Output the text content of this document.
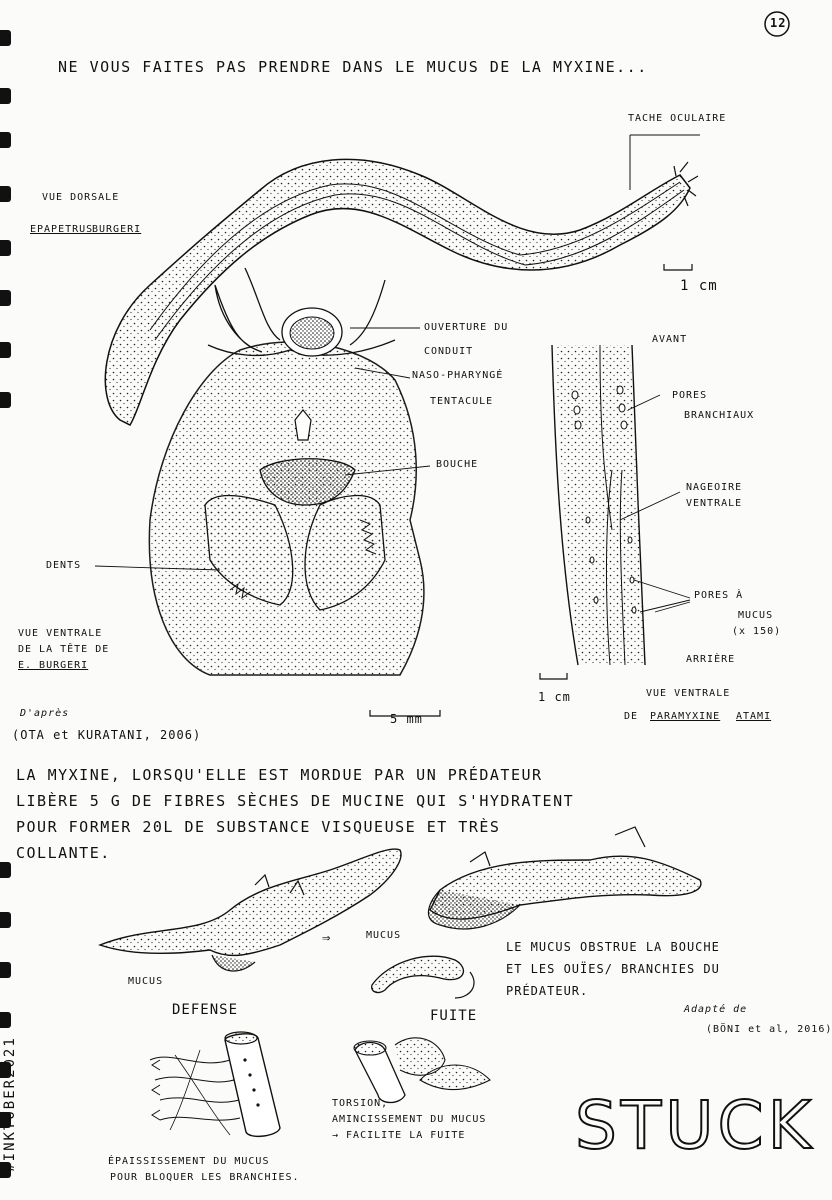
STUCK
12
NE VOUS FAITES PAS PRENDRE DANS LE MUCUS DE LA MYXINE...
VUE DORSALE
EPAPETRUS
BURGERI
TACHE OCULAIRE
1 cm
OUVERTURE DU
CONDUIT
NASO-PHARYNGÉ
TENTACULE
BOUCHE
DENTS
VUE VENTRALE
DE LA TÊTE DE
E. BURGERI
5 mm
AVANT
PORES
BRANCHIAUX
NAGEOIRE
VENTRALE
PORES À
MUCUS
(x 150)
ARRIÈRE
1 cm	VUE VENTRALE
DE PARAMYXINE ATAMI
D'après
(OTA et KURATANI, 2006)
LA MYXINE, LORSQU'ELLE EST MORDUE PAR UN PRÉDATEUR
LIBÈRE 5 G DE FIBRES SÈCHES DE MUCINE QUI S'HYDRATENT
POUR FORMER 20L DE SUBSTANCE VISQUEUSE ET TRÈS
COLLANTE.
MUCUS
MUCUS
⇒
DEFENSE	FUITE
LE MUCUS OBSTRUE LA BOUCHE
ET LES OUÏES/ BRANCHIES DU
PRÉDATEUR.
Adapté de
(BÖNI et al, 2016)
ÉPAISSISSEMENT DU MUCUS
POUR BLOQUER LES BRANCHIES.
TORSION,
AMINCISSEMENT DU MUCUS
→ FACILITE LA FUITE
#INKTOBER2021
